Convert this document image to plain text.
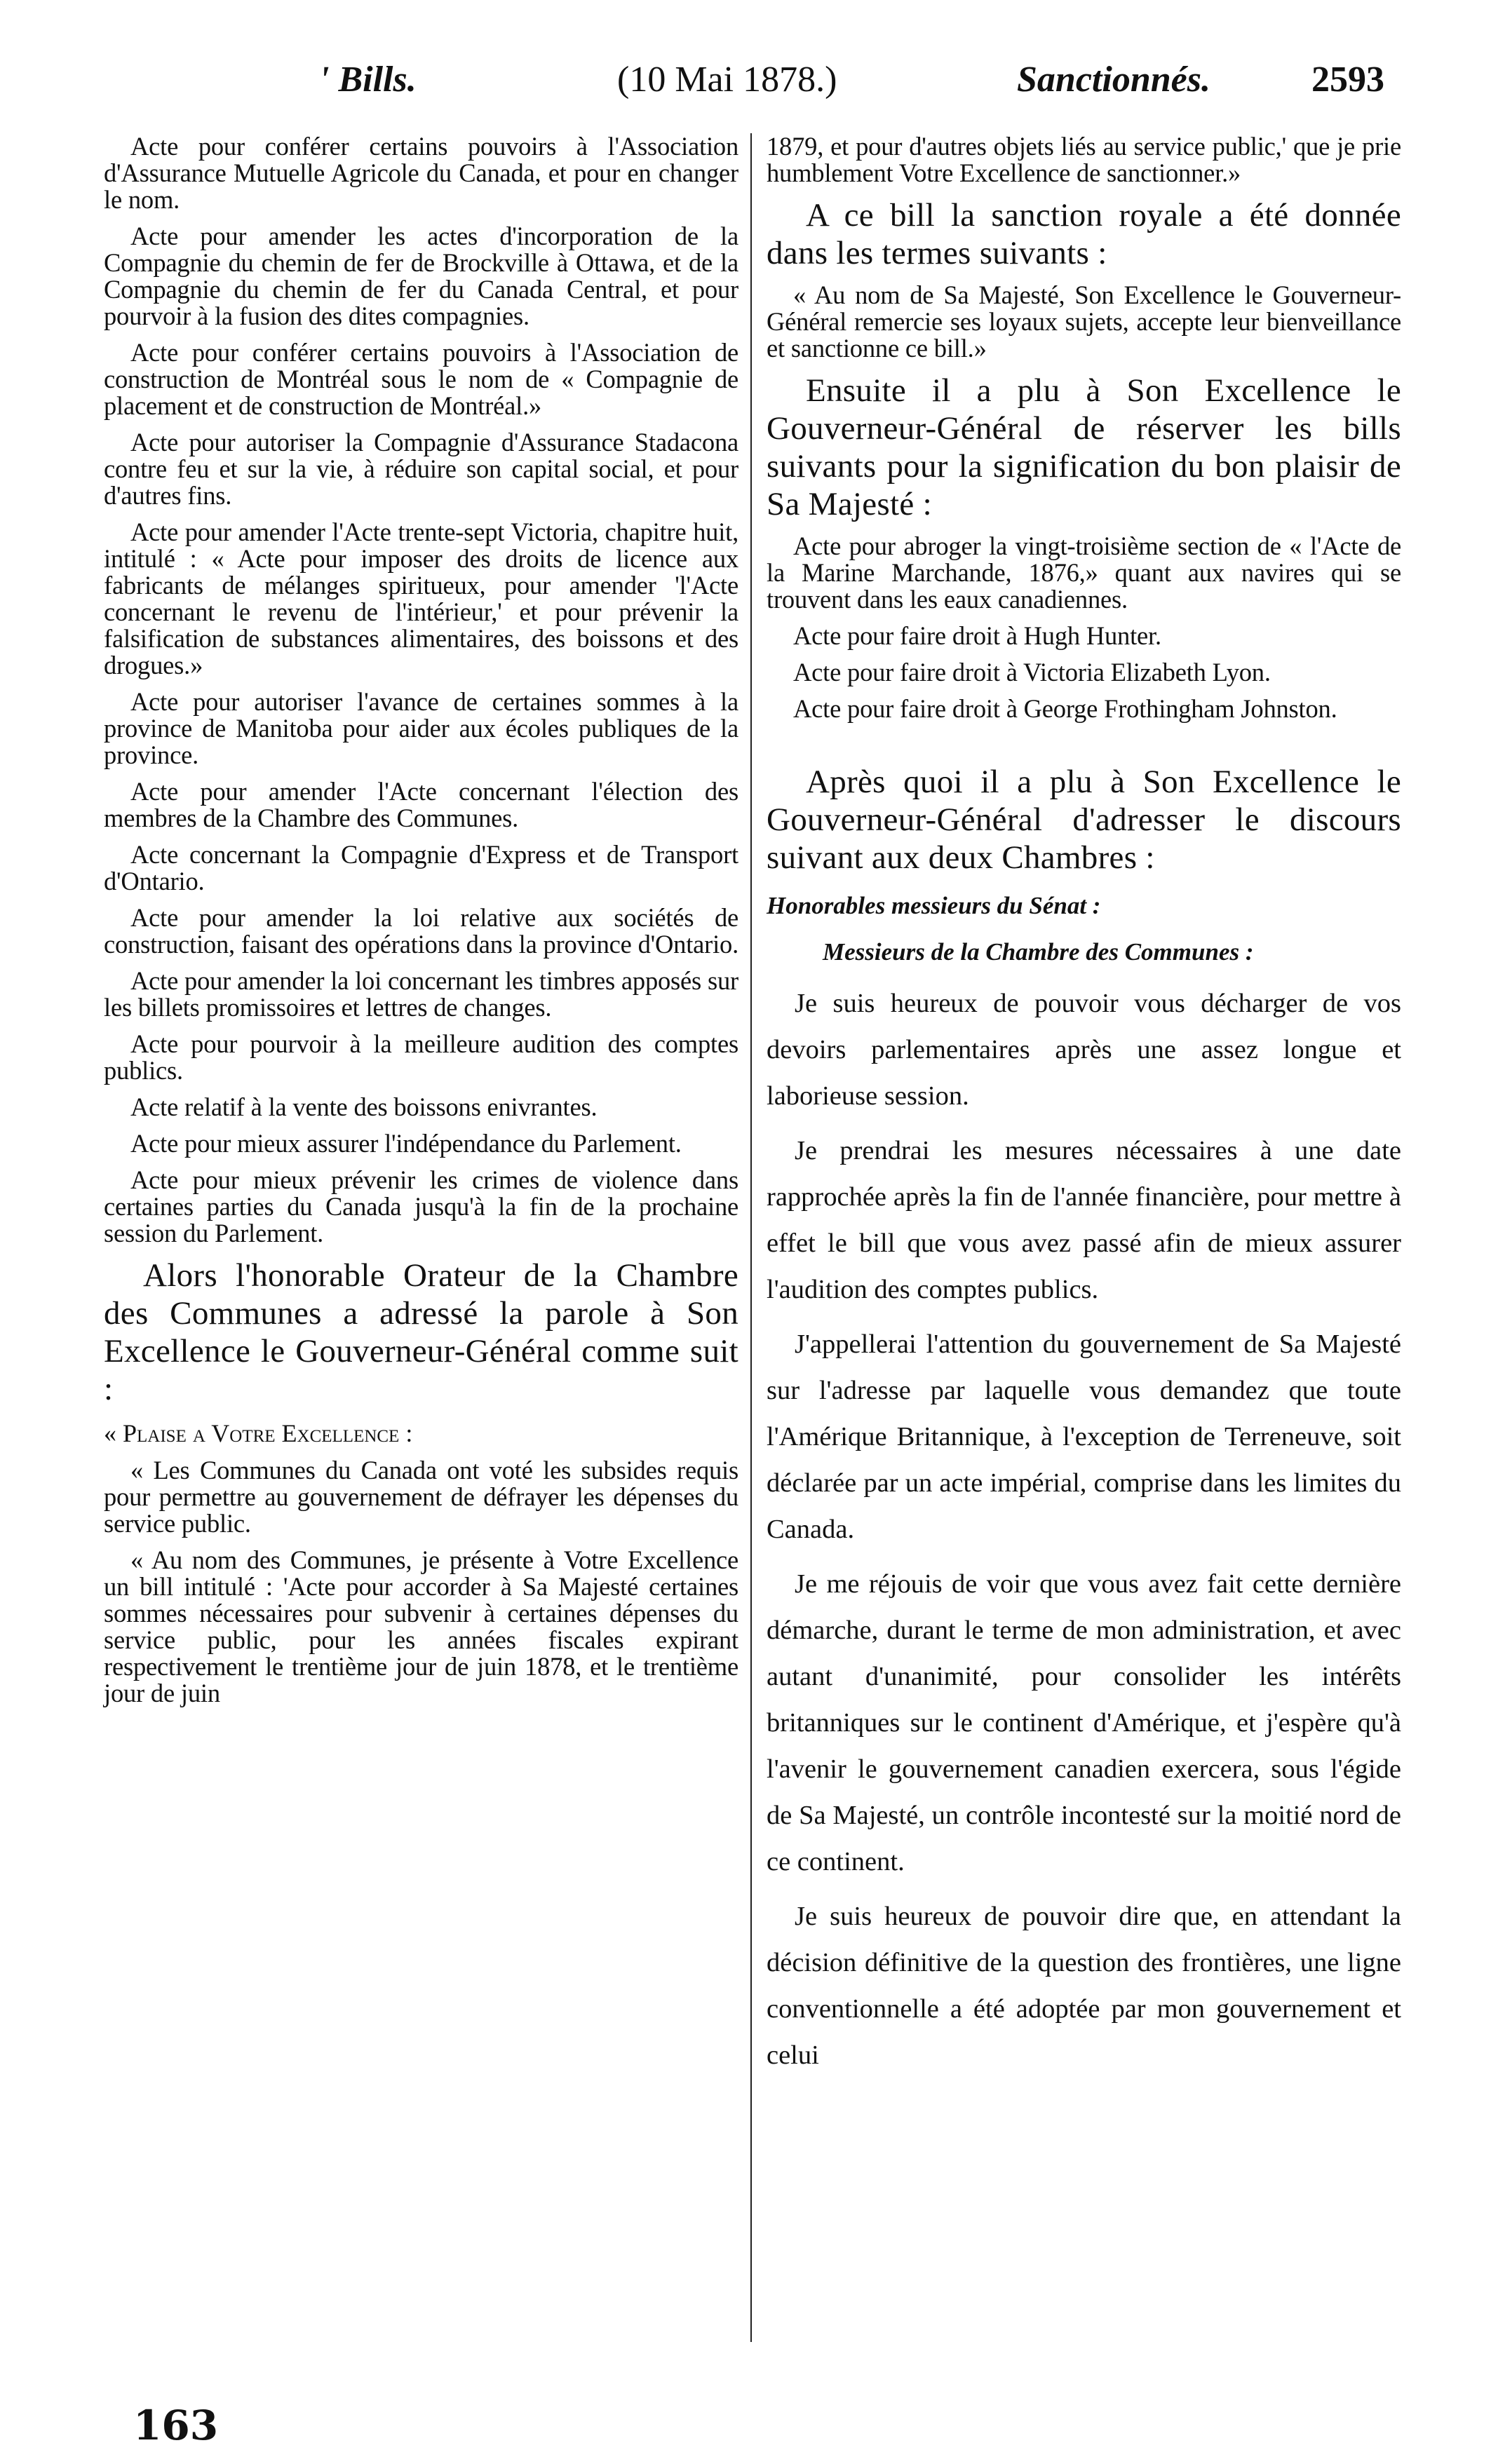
' Bills.	(10 Mai 1878.)	Sanctionnés.	2593

Acte pour conférer certains pouvoirs à l'Association d'Assurance Mutuelle Agricole du Canada, et pour en changer le nom.

Acte pour amender les actes d'incorporation de la Compagnie du chemin de fer de Brockville à Ottawa, et de la Compagnie du chemin de fer du Canada Central, et pour pourvoir à la fusion des dites compagnies.

Acte pour conférer certains pouvoirs à l'Association de construction de Montréal sous le nom de « Compagnie de placement et de construction de Montréal.»

Acte pour autoriser la Compagnie d'Assurance Stadacona contre feu et sur la vie, à réduire son capital social, et pour d'autres fins.

Acte pour amender l'Acte trente-sept Victoria, chapitre huit, intitulé : « Acte pour imposer des droits de licence aux fabricants de mélanges spiritueux, pour amender 'l'Acte concernant le revenu de l'intérieur,' et pour prévenir la falsification de substances alimentaires, des boissons et des drogues.»

Acte pour autoriser l'avance de certaines sommes à la province de Manitoba pour aider aux écoles publiques de la province.

Acte pour amender l'Acte concernant l'élection des membres de la Chambre des Communes.

Acte concernant la Compagnie d'Express et de Transport d'Ontario.

Acte pour amender la loi relative aux sociétés de construction, faisant des opérations dans la province d'Ontario.

Acte pour amender la loi concernant les timbres apposés sur les billets promissoires et lettres de changes.

Acte pour pourvoir à la meilleure audition des comptes publics.

Acte relatif à la vente des boissons enivrantes.

Acte pour mieux assurer l'indépendance du Parlement.

Acte pour mieux prévenir les crimes de violence dans certaines parties du Canada jusqu'à la fin de la prochaine session du Parlement.

Alors l'honorable Orateur de la Chambre des Communes a adressé la parole à Son Excellence le Gouverneur-Général comme suit :

« Plaise a Votre Excellence :

« Les Communes du Canada ont voté les subsides requis pour permettre au gouvernement de défrayer les dépenses du service public.

« Au nom des Communes, je présente à Votre Excellence un bill intitulé : 'Acte pour accorder à Sa Majesté certaines sommes nécessaires pour subvenir à certaines dépenses du service public, pour les années fiscales expirant respectivement le trentième jour de juin 1878, et le trentième jour de juin

1879, et pour d'autres objets liés au service public,' que je prie humblement Votre Excellence de sanctionner.»

A ce bill la sanction royale a été donnée dans les termes suivants :

« Au nom de Sa Majesté, Son Excellence le Gouverneur-Général remercie ses loyaux sujets, accepte leur bienveillance et sanctionne ce bill.»

Ensuite il a plu à Son Excellence le Gouverneur-Général de réserver les bills suivants pour la signification du bon plaisir de Sa Majesté :

Acte pour abroger la vingt-troisième section de « l'Acte de la Marine Marchande, 1876,» quant aux navires qui se trouvent dans les eaux canadiennes.

Acte pour faire droit à Hugh Hunter.

Acte pour faire droit à Victoria Elizabeth Lyon.

Acte pour faire droit à George Frothingham Johnston.

Après quoi il a plu à Son Excellence le Gouverneur-Général d'adresser le discours suivant aux deux Chambres :

Honorables messieurs du Sénat :

Messieurs de la Chambre des Communes :

Je suis heureux de pouvoir vous décharger de vos devoirs parlementaires après une assez longue et laborieuse session.

Je prendrai les mesures nécessaires à une date rapprochée après la fin de l'année financière, pour mettre à effet le bill que vous avez passé afin de mieux assurer l'audition des comptes publics.

J'appellerai l'attention du gouvernement de Sa Majesté sur l'adresse par laquelle vous demandez que toute l'Amérique Britannique, à l'exception de Terreneuve, soit déclarée par un acte impérial, comprise dans les limites du Canada.

Je me réjouis de voir que vous avez fait cette dernière démarche, durant le terme de mon administration, et avec autant d'unanimité, pour consolider les intérêts britanniques sur le continent d'Amérique, et j'espère qu'à l'avenir le gouvernement canadien exercera, sous l'égide de Sa Majesté, un contrôle incontesté sur la moitié nord de ce continent.

Je suis heureux de pouvoir dire que, en attendant la décision définitive de la question des frontières, une ligne conventionnelle a été adoptée par mon gouvernement et celui

163
